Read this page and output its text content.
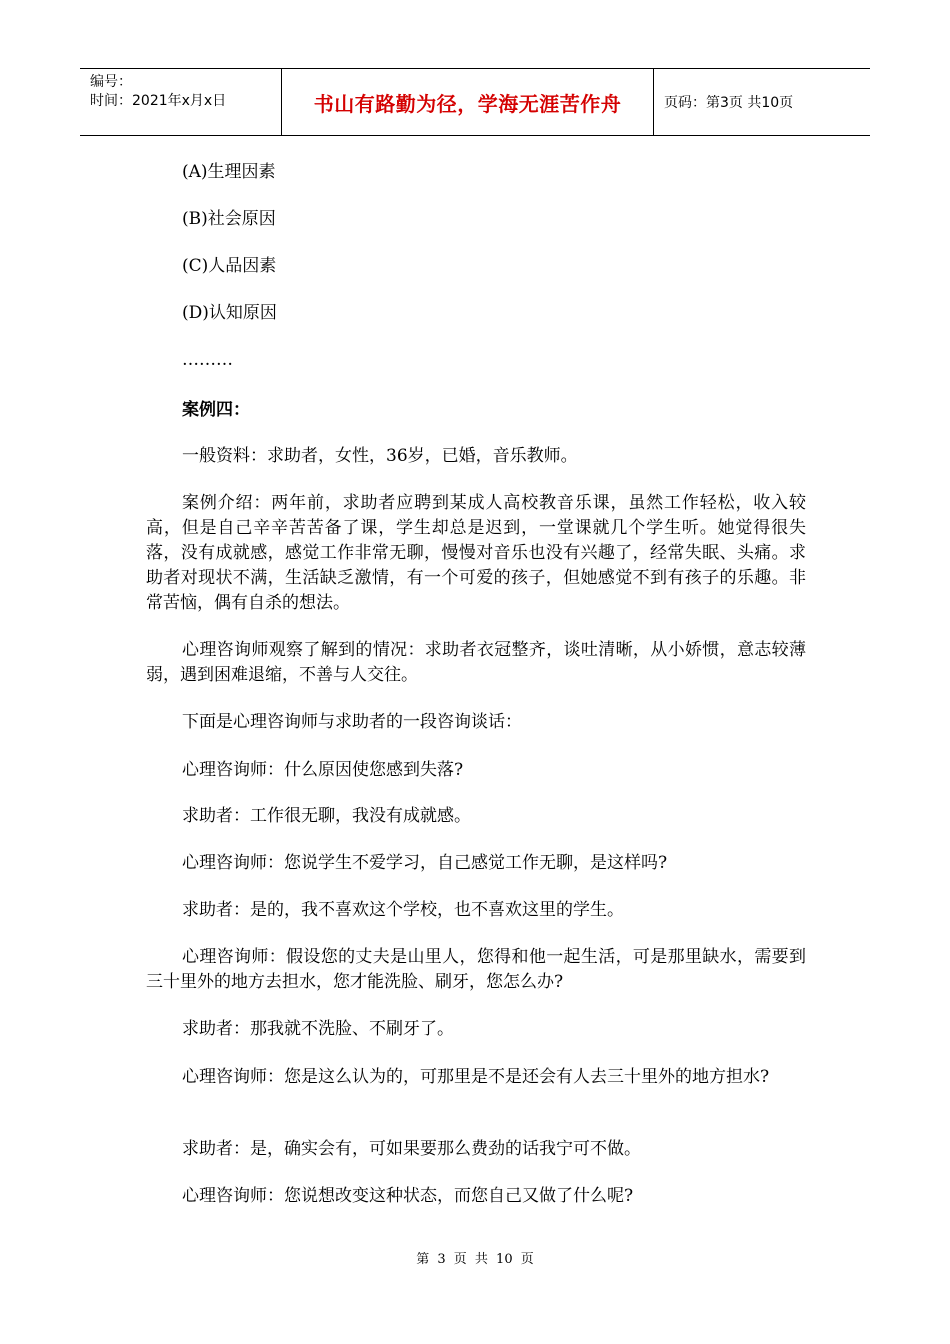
编号：
时间：2021年x月x日	书山有路勤为径，学海无涯苦作舟	页码：第3页 共10页

(A)生理因素

(B)社会原因

(C)人品因素

(D)认知原因

………

案例四：

一般资料：求助者，女性，36岁，已婚，音乐教师。

案例介绍：两年前，求助者应聘到某成人高校教音乐课，虽然工作轻松，收入较高，但是自己辛辛苦苦备了课，学生却总是迟到，一堂课就几个学生听。她觉得很失落，没有成就感，感觉工作非常无聊，慢慢对音乐也没有兴趣了，经常失眠、头痛。求助者对现状不满，生活缺乏激情，有一个可爱的孩子，但她感觉不到有孩子的乐趣。非常苦恼，偶有自杀的想法。

心理咨询师观察了解到的情况：求助者衣冠整齐，谈吐清晰，从小娇惯，意志较薄弱，遇到困难退缩，不善与人交往。

下面是心理咨询师与求助者的一段咨询谈话：

心理咨询师：什么原因使您感到失落?

求助者：工作很无聊，我没有成就感。

心理咨询师：您说学生不爱学习，自己感觉工作无聊，是这样吗?

求助者：是的，我不喜欢这个学校，也不喜欢这里的学生。

心理咨询师：假设您的丈夫是山里人，您得和他一起生活，可是那里缺水，需要到三十里外的地方去担水，您才能洗脸、刷牙，您怎么办?

求助者：那我就不洗脸、不刷牙了。

心理咨询师：您是这么认为的，可那里是不是还会有人去三十里外的地方担水?

求助者：是，确实会有，可如果要那么费劲的话我宁可不做。

心理咨询师：您说想改变这种状态，而您自己又做了什么呢?

第 3 页 共 10 页
